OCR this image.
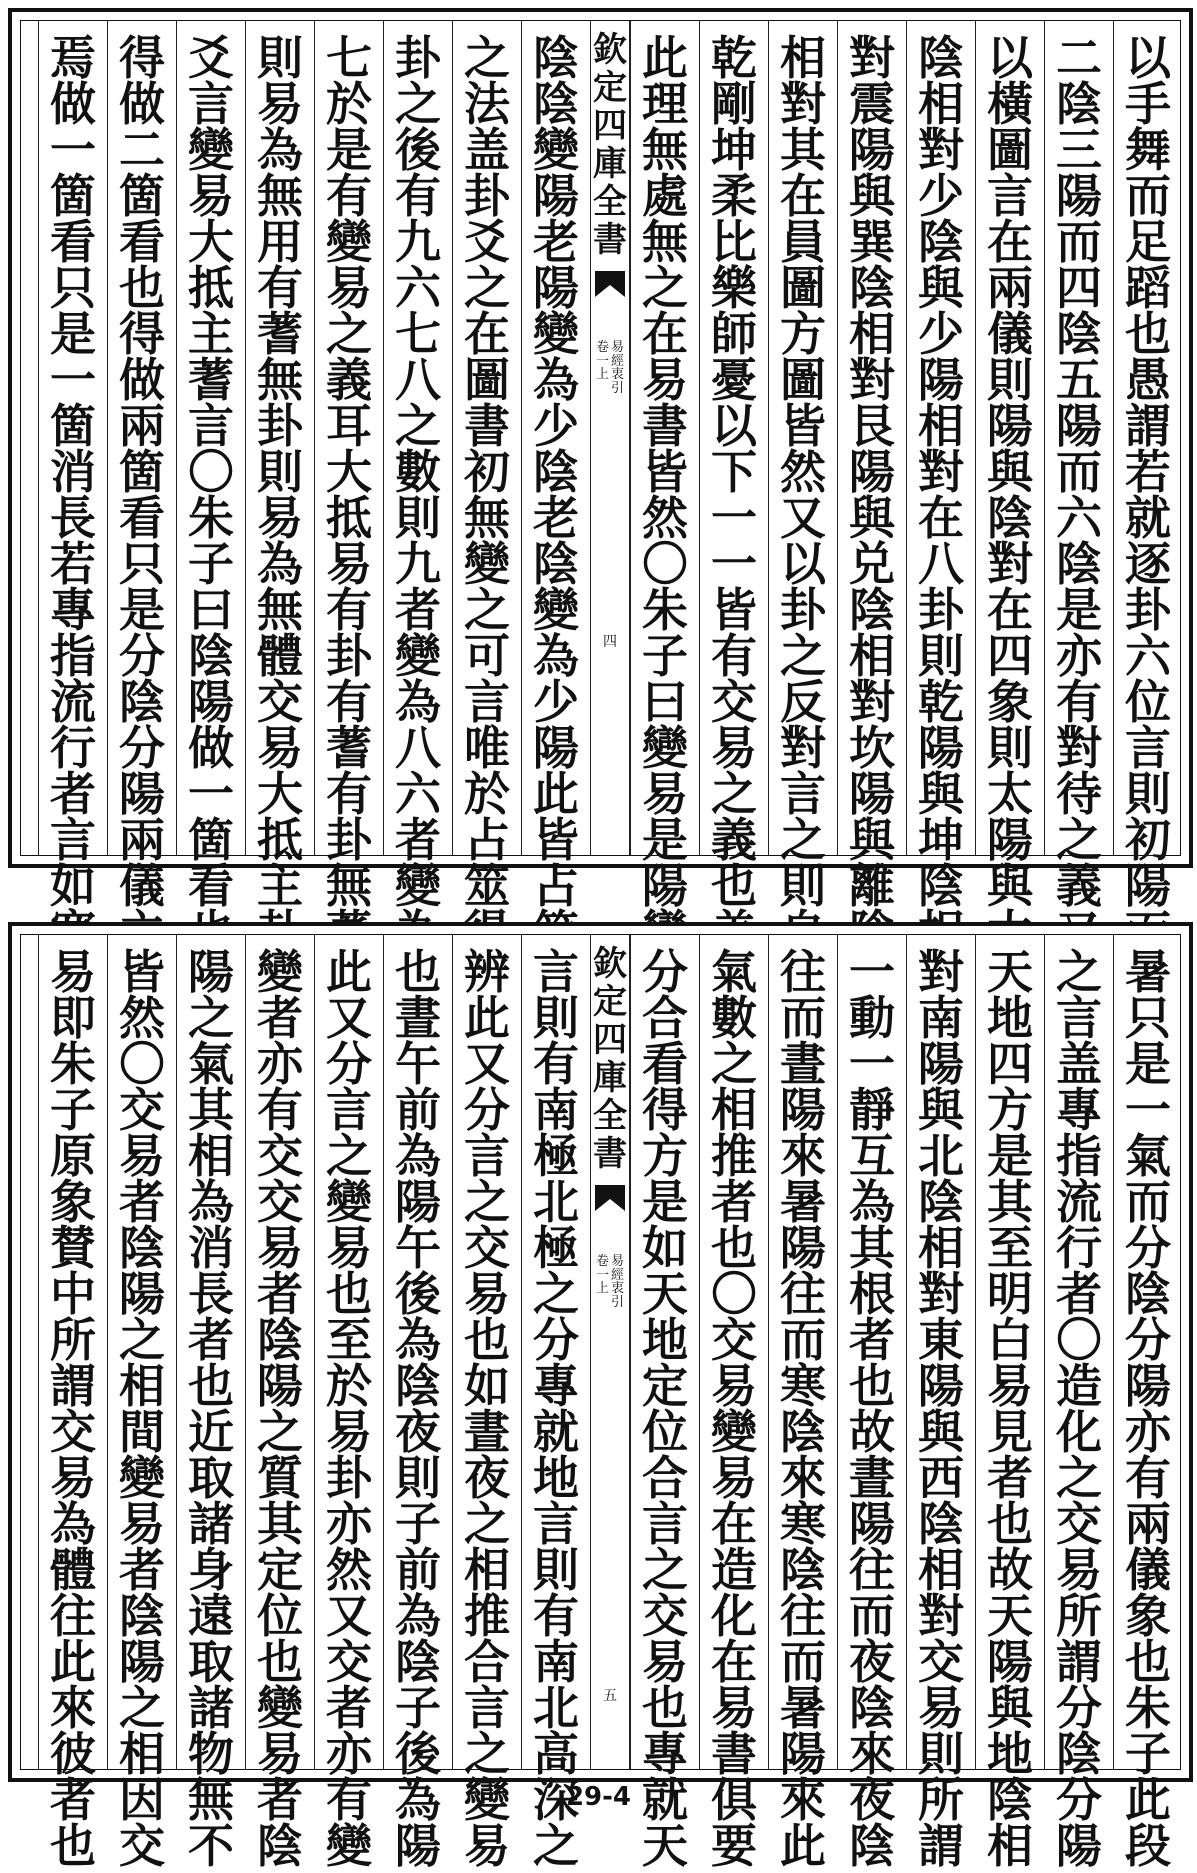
以
手
舞
而
足
蹈
也
愚
謂
若
就
逐
卦
六
位
言
則
初
陽
二
陰
三
陽
而
四
陰
五
陽
而
六
陰
是
亦
有
對
待
之
義
以
橫
圖
言
在
兩
儀
則
陽
與
陰
對
在
四
象
則
太
陽
與
陰
相
對
少
陰
與
少
陽
相
對
在
八
卦
則
乾
陽
與
坤
陰
對
震
陽
與
巽
陰
相
對
艮
陽
與
兑
陰
相
對
坎
陽
與
離
相
對
其
在
員
圖
方
圖
皆
然
又
以
卦
之
反
對
言
之
則
乾
剛
坤
柔
比
樂
師
憂
以
下
一
一
皆
有
交
易
之
義
也
此
理
無
處
無
之
在
易
書
皆
然
〇
朱
子
曰
變
易
是
陽
欽
定
四
庫
全
書
卷
一
上
易
經
衷
引
四
陰
陰
變
陽
老
陽
變
為
少
陰
老
陰
變
為
少
陽
此
皆
占
之
法
盖
卦
爻
之
在
圖
書
初
無
變
之
可
言
唯
於
占
筮
卦
之
後
有
九
六
七
八
之
數
則
九
者
變
為
八
六
者
變
七
於
是
有
變
易
之
義
耳
大
抵
易
有
卦
有
蓍
有
卦
無
則
易
為
無
用
有
蓍
無
卦
則
易
為
無
體
交
易
大
抵
主
爻
言
變
易
大
抵
主
蓍
言
〇
朱
子
曰
陰
陽
做
一
箇
看
得
做
二
箇
看
也
得
做
兩
箇
看
只
是
分
陰
分
陽
兩
儀
焉
做
一
箇
看
只
是
一
箇
消
長
若
專
指
流
行
者
言
如
暑
只
是
一
氣
而
分
陰
分
陽
亦
有
兩
儀
象
也
朱
子
此
段
之
言
盖
專
指
流
行
者
〇
造
化
之
交
易
所
謂
分
陰
分
陽
天
地
四
方
是
其
至
明
白
易
見
者
也
故
天
陽
與
地
陰
相
對
南
陽
與
北
陰
相
對
東
陽
與
西
陰
相
對
交
易
則
所
謂
一
動
一
靜
互
為
其
根
者
也
故
晝
陽
往
而
夜
陰
來
夜
陰
往
而
晝
陽
來
暑
陽
往
而
寒
陰
來
寒
陰
往
而
暑
陽
來
此
氣
數
之
相
推
者
也
〇
交
易
變
易
在
造
化
在
易
書
俱
要
分
合
看
得
方
是
如
天
地
定
位
合
言
之
交
易
也
專
就
天
欽
定
四
庫
全
書
卷
一
上
易
經
衷
引
五
言
則
有
南
極
北
極
之
分
專
就
地
言
則
有
南
北
高
深
之
辨
此
又
分
言
之
交
易
也
如
晝
夜
之
相
推
合
言
之
變
易
也
晝
午
前
為
陽
午
後
為
陰
夜
則
子
前
為
陰
子
後
為
陽
此
又
分
言
之
變
易
也
至
於
易
卦
亦
然
又
交
者
亦
有
變
變
者
亦
有
交
交
易
者
陰
陽
之
質
其
定
位
也
變
易
者
陰
陽
之
氣
其
相
為
消
長
者
也
近
取
諸
身
遠
取
諸
物
無
不
皆
然
〇
交
易
者
陰
陽
之
相
間
變
易
者
陰
陽
之
相
因
交
易
即
朱
子
原
象
賛
中
所
謂
交
易
為
體
往
此
來
彼
者
也
29-4
